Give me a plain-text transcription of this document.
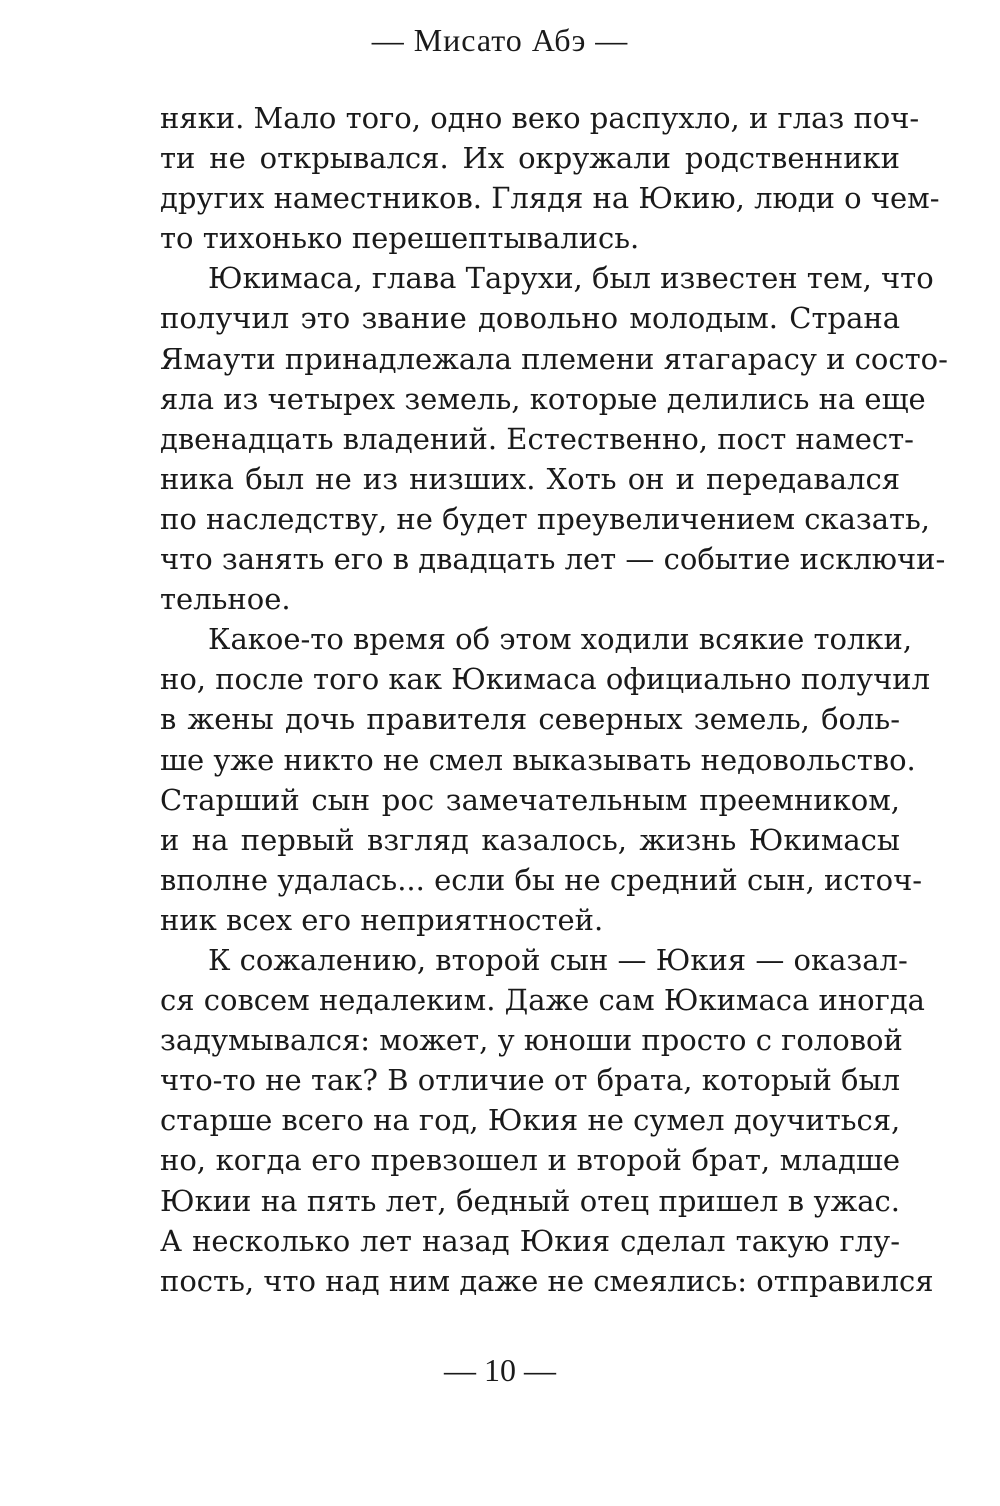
— Мисато Абэ —
няки. Мало того, одно веко распухло, и глаз поч-
ти не открывался. Их окружали родственники
других наместников. Глядя на Юкию, люди о чем-
то тихонько перешептывались.
Юкимаса, глава Тарухи, был известен тем, что
получил это звание довольно молодым. Страна
Ямаути принадлежала племени ятагарасу и состо-
яла из четырех земель, которые делились на еще
двенадцать владений. Естественно, пост намест-
ника был не из низших. Хоть он и передавался
по наследству, не будет преувеличением сказать,
что занять его в двадцать лет — событие исключи-
тельное.
Какое-то время об этом ходили всякие толки,
но, после того как Юкимаса официально получил
в жены дочь правителя северных земель, боль-
ше уже никто не смел выказывать недовольство.
Старший сын рос замечательным преемником,
и на первый взгляд казалось, жизнь Юкимасы
вполне удалась... если бы не средний сын, источ-
ник всех его неприятностей.
К сожалению, второй сын — Юкия — оказал-
ся совсем недалеким. Даже сам Юкимаса иногда
задумывался: может, у юноши просто с головой
что-то не так? В отличие от брата, который был
старше всего на год, Юкия не сумел доучиться,
но, когда его превзошел и второй брат, младше
Юкии на пять лет, бедный отец пришел в ужас.
А несколько лет назад Юкия сделал такую глу-
пость, что над ним даже не смеялись: отправился
— 10 —
